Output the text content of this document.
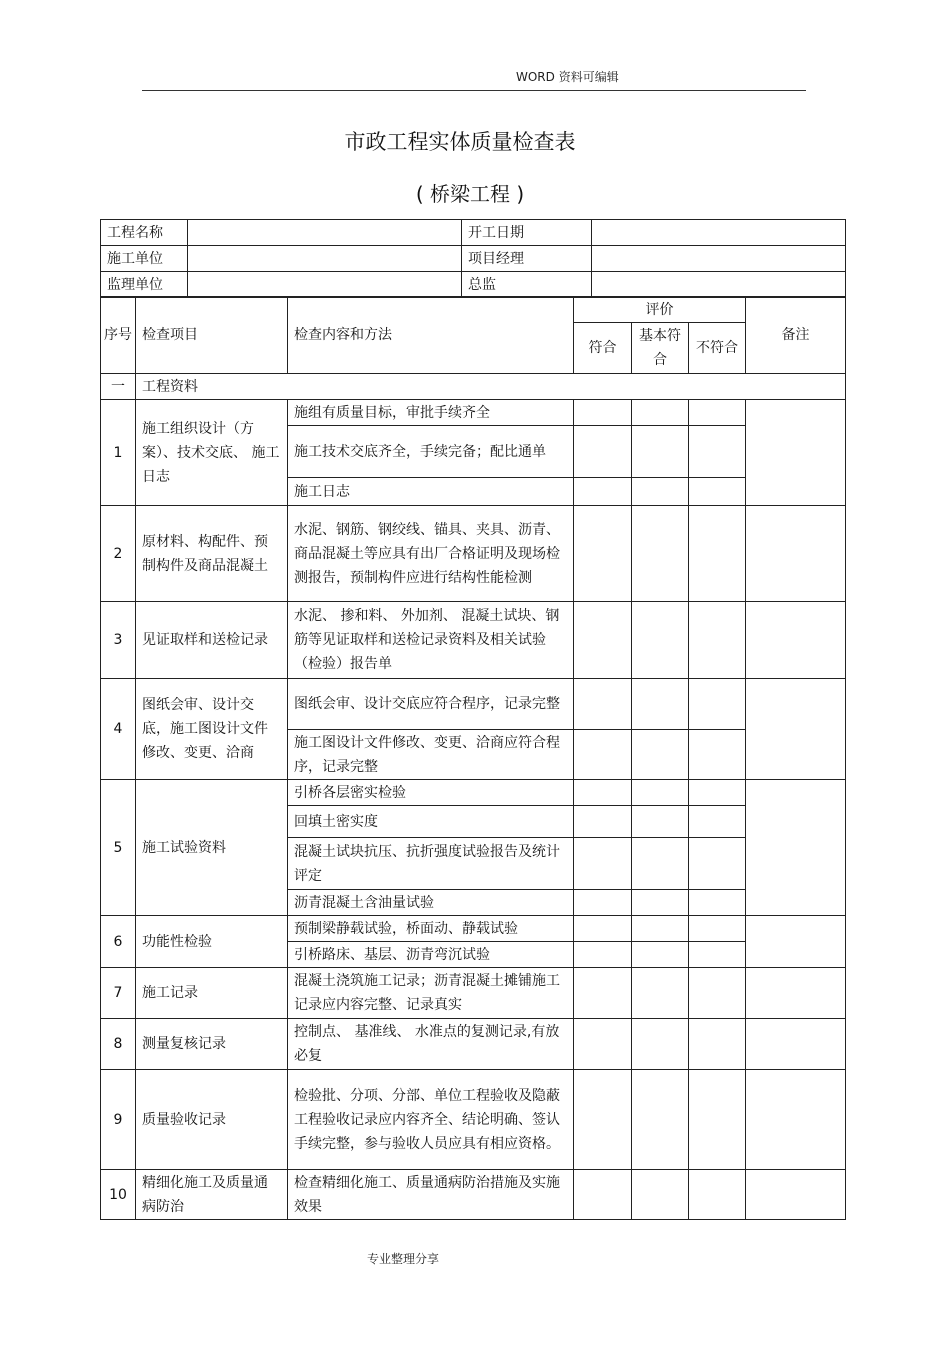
WORD 资料可编辑
市政工程实体质量检查表
( 桥梁工程 )
工程名称		开工日期	
施工单位		项目经理	
监理单位		总监	
序号	检查项目	检查内容和方法	评价			备注
			符合	基本符合	不符合	
一	工程资料					
1	施工组织设计（方案）、技术交底、 施工日志	施组有质量目标，审批手续齐全				
		施工技术交底齐全，手续完备；配比通单				
		施工日志				
2	原材料、构配件、预制构件及商品混凝土	水泥、钢筋、钢绞线、锚具、夹具、沥青、商品混凝土等应具有出厂合格证明及现场检测报告，预制构件应进行结构性能检测				
3	见证取样和送检记录	水泥、 掺和料、 外加剂、 混凝土试块、钢筋等见证取样和送检记录资料及相关试验（检验）报告单				
4	图纸会审、设计交底，施工图设计文件修改、变更、洽商	图纸会审、设计交底应符合程序，记录完整				
		施工图设计文件修改、变更、洽商应符合程序，记录完整				
5	施工试验资料	引桥各层密实检验				
		回填土密实度				
		混凝土试块抗压、抗折强度试验报告及统计评定				
		沥青混凝土含油量试验				
6	功能性检验	预制梁静载试验，桥面动、静载试验				
		引桥路床、基层、沥青弯沉试验				
7	施工记录	混凝土浇筑施工记录；沥青混凝土摊铺施工记录应内容完整、记录真实				
8	测量复核记录	控制点、 基准线、 水准点的复测记录,有放必复				
9	质量验收记录	检验批、分项、分部、单位工程验收及隐蔽工程验收记录应内容齐全、结论明确、签认手续完整，参与验收人员应具有相应资格。				
10	精细化施工及质量通病防治	检查精细化施工、质量通病防治措施及实施效果				
专业整理分享
